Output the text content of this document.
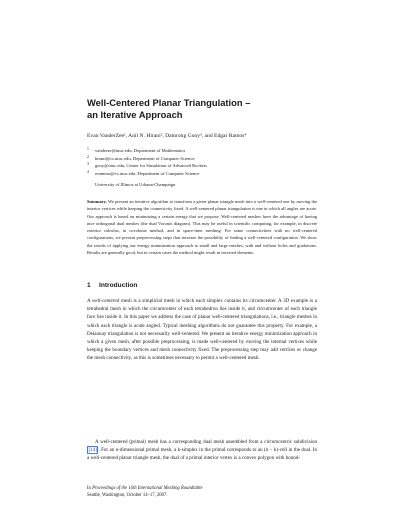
Well-Centered Planar Triangulation –
an Iterative Approach
Evan VanderZee¹, Anil N. Hirani², Damrong Guoy³, and Edgar Ramos⁴
1	vanderze@uiuc.edu, Department of Mathematics
2	hirani@cs.uiuc.edu, Department of Computer Science
3	guoy@uiuc.edu, Center for Simulation of Advanced Rockets
4	eramosn@cs.uiuc.edu, Department of Computer Science
University of Illinois at Urbana-Champaign

Summary. We present an iterative algorithm to transform a given planar triangle mesh into a well-centered one by moving the interior vertices while keeping the connectivity fixed. A well-centered planar triangulation is one in which all angles are acute. Our approach is based on minimizing a certain energy that we propose. Well-centered meshes have the advantage of having nice orthogonal dual meshes (the dual Voronoi diagram). This may be useful in scientific computing, for example, in discrete exterior calculus, in covolume method, and in space-time meshing. For some connectivities with no well-centered configurations, we present preprocessing steps that increase the possibility of finding a well-centered configuration. We show the results of applying our energy minimization approach to small and large meshes, with and without holes and gradations. Results are generally good, but in certain cases the method might result in inverted elements.

1 Introduction

A well-centered mesh is a simplicial mesh in which each simplex contains its circumcenter. A 3D example is a tetrahedral mesh in which the circumcenter of each tetrahedron lies inside it, and circumcenter of each triangle face lies inside it. In this paper we address the case of planar well-centered triangulations, i.e., triangle meshes in which each triangle is acute angled. Typical meshing algorithms do not guarantee this property. For example, a Delaunay triangulation is not necessarily well-centered. We present an iterative energy minimization approach in which a given mesh, after possible preprocessing, is made well-centered by moving the internal vertices while keeping the boundary vertices and mesh connectivity fixed. The preprocessing step may add vertices or change the mesh connectivity, as this is sometimes necessary to permit a well-centered mesh.

A well-centered (primal) mesh has a corresponding dual mesh assembled from a circumcentric subdivision [14] . For an n-dimensional primal mesh, a k-simplex in the primal corresponds to an (n − k)-cell in the dual. In a well-centered planar triangle mesh, the dual of a primal interior vertex is a convex polygon with bound-

In Proceedings of the 16th International Meshing Roundtable
Seattle, Washington, October 14–17, 2007.
